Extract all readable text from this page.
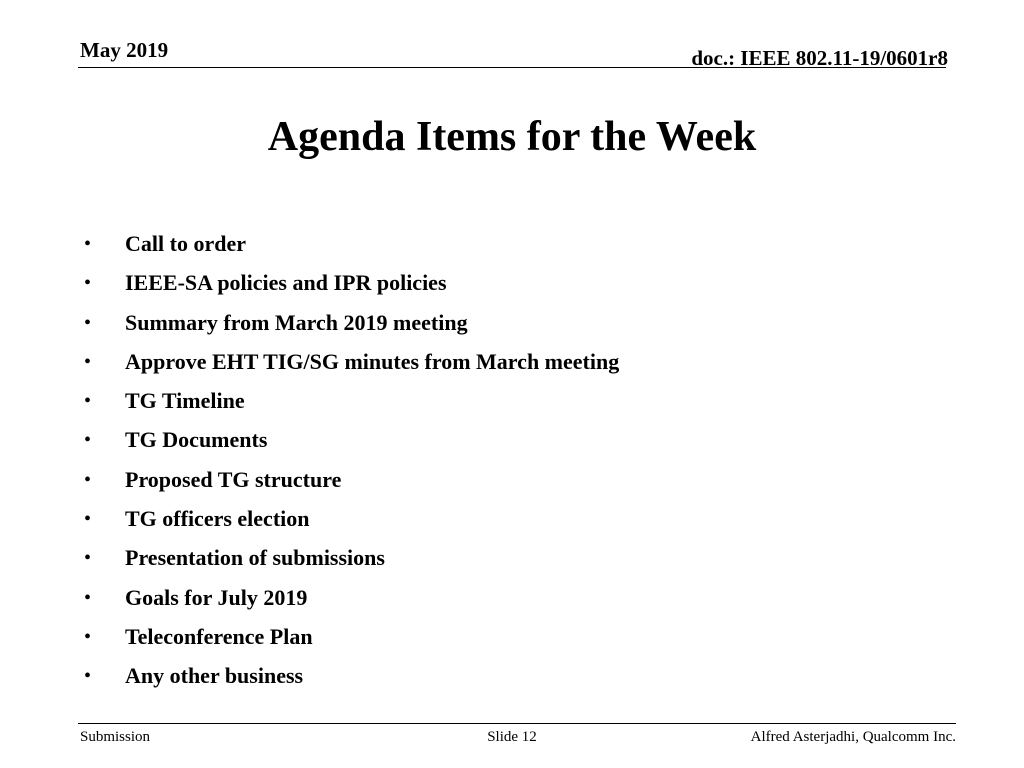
May 2019	doc.: IEEE 802.11-19/0601r8
Agenda Items for the Week
• Call to order
• IEEE-SA policies and IPR policies
• Summary from March 2019 meeting
• Approve EHT TIG/SG minutes from March meeting
• TG Timeline
• TG Documents
• Proposed TG structure
• TG officers election
• Presentation of submissions
• Goals for July 2019
• Teleconference Plan
• Any other business
Submission	Slide 12	Alfred Asterjadhi, Qualcomm Inc.
